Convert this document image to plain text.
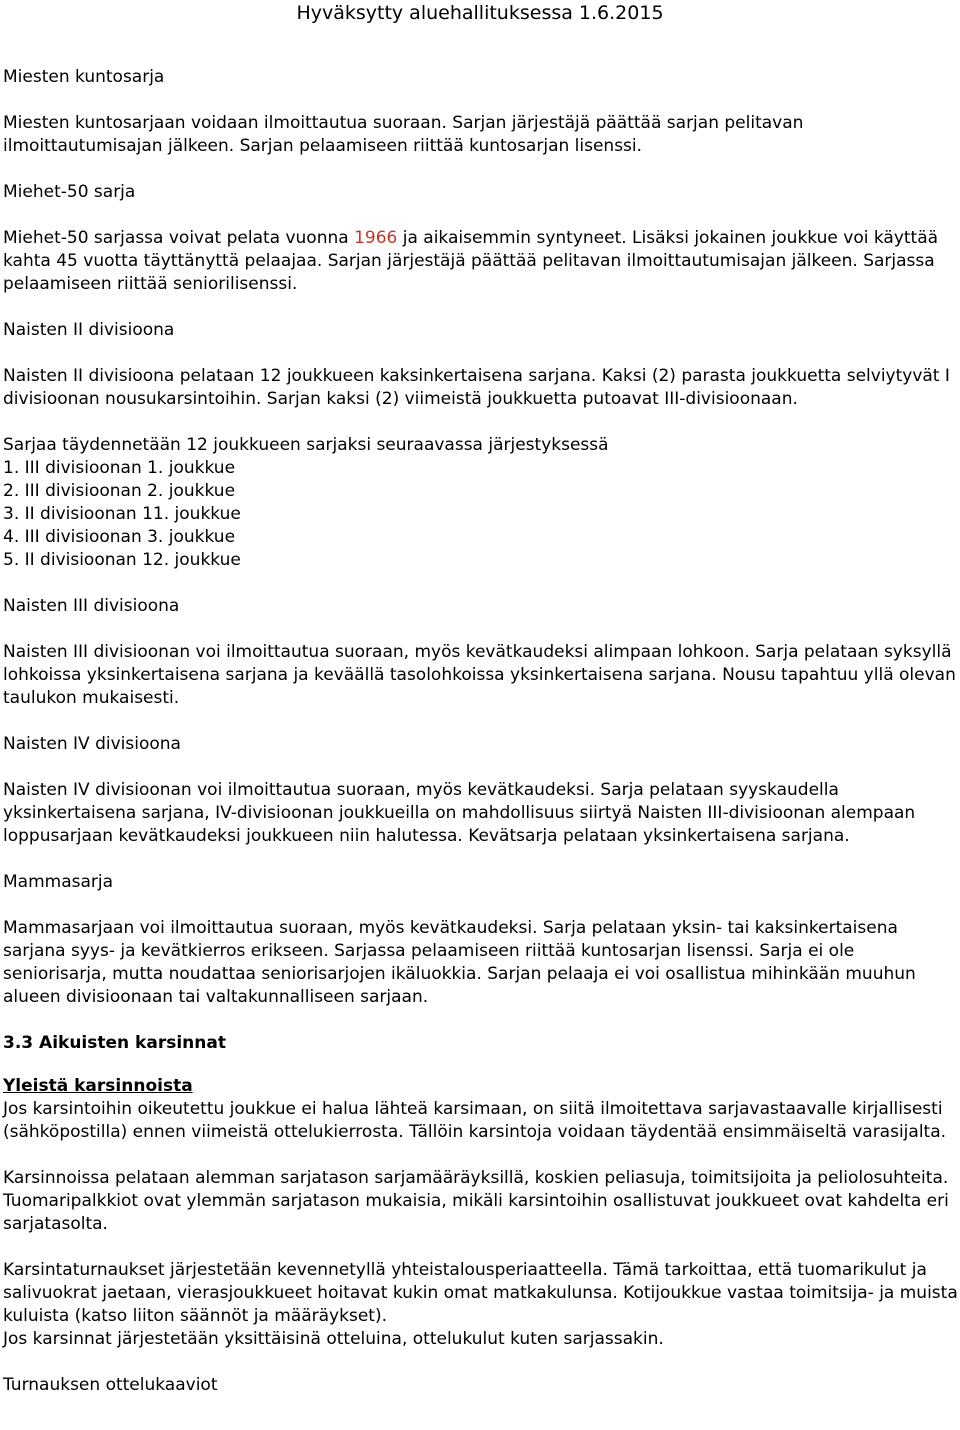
Hyväksytty aluehallituksessa 1.6.2015

Miesten kuntosarja

Miesten kuntosarjaan voidaan ilmoittautua suoraan. Sarjan järjestäjä päättää sarjan pelitavan ilmoittautumisajan jälkeen. Sarjan pelaamiseen riittää kuntosarjan lisenssi.

Miehet-50 sarja

Miehet-50 sarjassa voivat pelata vuonna 1966 ja aikaisemmin syntyneet. Lisäksi jokainen joukkue voi käyttää kahta 45 vuotta täyttänyttä pelaajaa. Sarjan järjestäjä päättää pelitavan ilmoittautumisajan jälkeen. Sarjassa pelaamiseen riittää seniorilisenssi.

Naisten II divisioona

Naisten II divisioona pelataan 12 joukkueen kaksinkertaisena sarjana. Kaksi (2) parasta joukkuetta selviytyvät I divisioonan nousukarsintoihin. Sarjan kaksi (2) viimeistä joukkuetta putoavat III-divisioonaan.

Sarjaa täydennetään 12 joukkueen sarjaksi seuraavassa järjestyksessä
1. III divisioonan 1. joukkue
2. III divisioonan 2. joukkue
3. II divisioonan 11. joukkue
4. III divisioonan 3. joukkue
5. II divisioonan 12. joukkue

Naisten III divisioona

Naisten III divisioonan voi ilmoittautua suoraan, myös kevätkaudeksi alimpaan lohkoon. Sarja pelataan syksyllä lohkoissa yksinkertaisena sarjana ja keväällä tasolohkoissa yksinkertaisena sarjana. Nousu tapahtuu yllä olevan taulukon mukaisesti.

Naisten IV divisioona

Naisten IV divisioonan voi ilmoittautua suoraan, myös kevätkaudeksi. Sarja pelataan syyskaudella yksinkertaisena sarjana, IV-divisioonan joukkueilla on mahdollisuus siirtyä Naisten III-divisioonan alempaan loppusarjaan kevätkaudeksi joukkueen niin halutessa. Kevätsarja pelataan yksinkertaisena sarjana.

Mammasarja

Mammasarjaan voi ilmoittautua suoraan, myös kevätkaudeksi. Sarja pelataan yksin- tai kaksinkertaisena sarjana syys- ja kevätkierros erikseen. Sarjassa pelaamiseen riittää kuntosarjan lisenssi. Sarja ei ole seniorisarja, mutta noudattaa seniorisarjojen ikäluokkia. Sarjan pelaaja ei voi osallistua mihinkään muuhun alueen divisioonaan tai valtakunnalliseen sarjaan.

3.3 Aikuisten karsinnat

Yleistä karsinnoista

Jos karsintoihin oikeutettu joukkue ei halua lähteä karsimaan, on siitä ilmoitettava sarjavastaavalle kirjallisesti (sähköpostilla) ennen viimeistä ottelukierrosta. Tällöin karsintoja voidaan täydentää ensimmäiseltä varasijalta.

Karsinnoissa pelataan alemman sarjatason sarjamääräyksillä, koskien peliasuja, toimitsijoita ja peliolosuhteita. Tuomaripalkkiot ovat ylemmän sarjatason mukaisia, mikäli karsintoihin osallistuvat joukkueet ovat kahdelta eri sarjatasolta.

Karsintaturnaukset järjestetään kevennetyllä yhteistalousperiaatteella. Tämä tarkoittaa, että tuomarikulut ja salivuokrat jaetaan, vierasjoukkueet hoitavat kukin omat matkakulunsa. Kotijoukkue vastaa toimitsija- ja muista kuluista (katso liiton säännöt ja määräykset).

Jos karsinnat järjestetään yksittäisinä otteluina, ottelukulut kuten sarjassakin.

Turnauksen ottelukaaviot
